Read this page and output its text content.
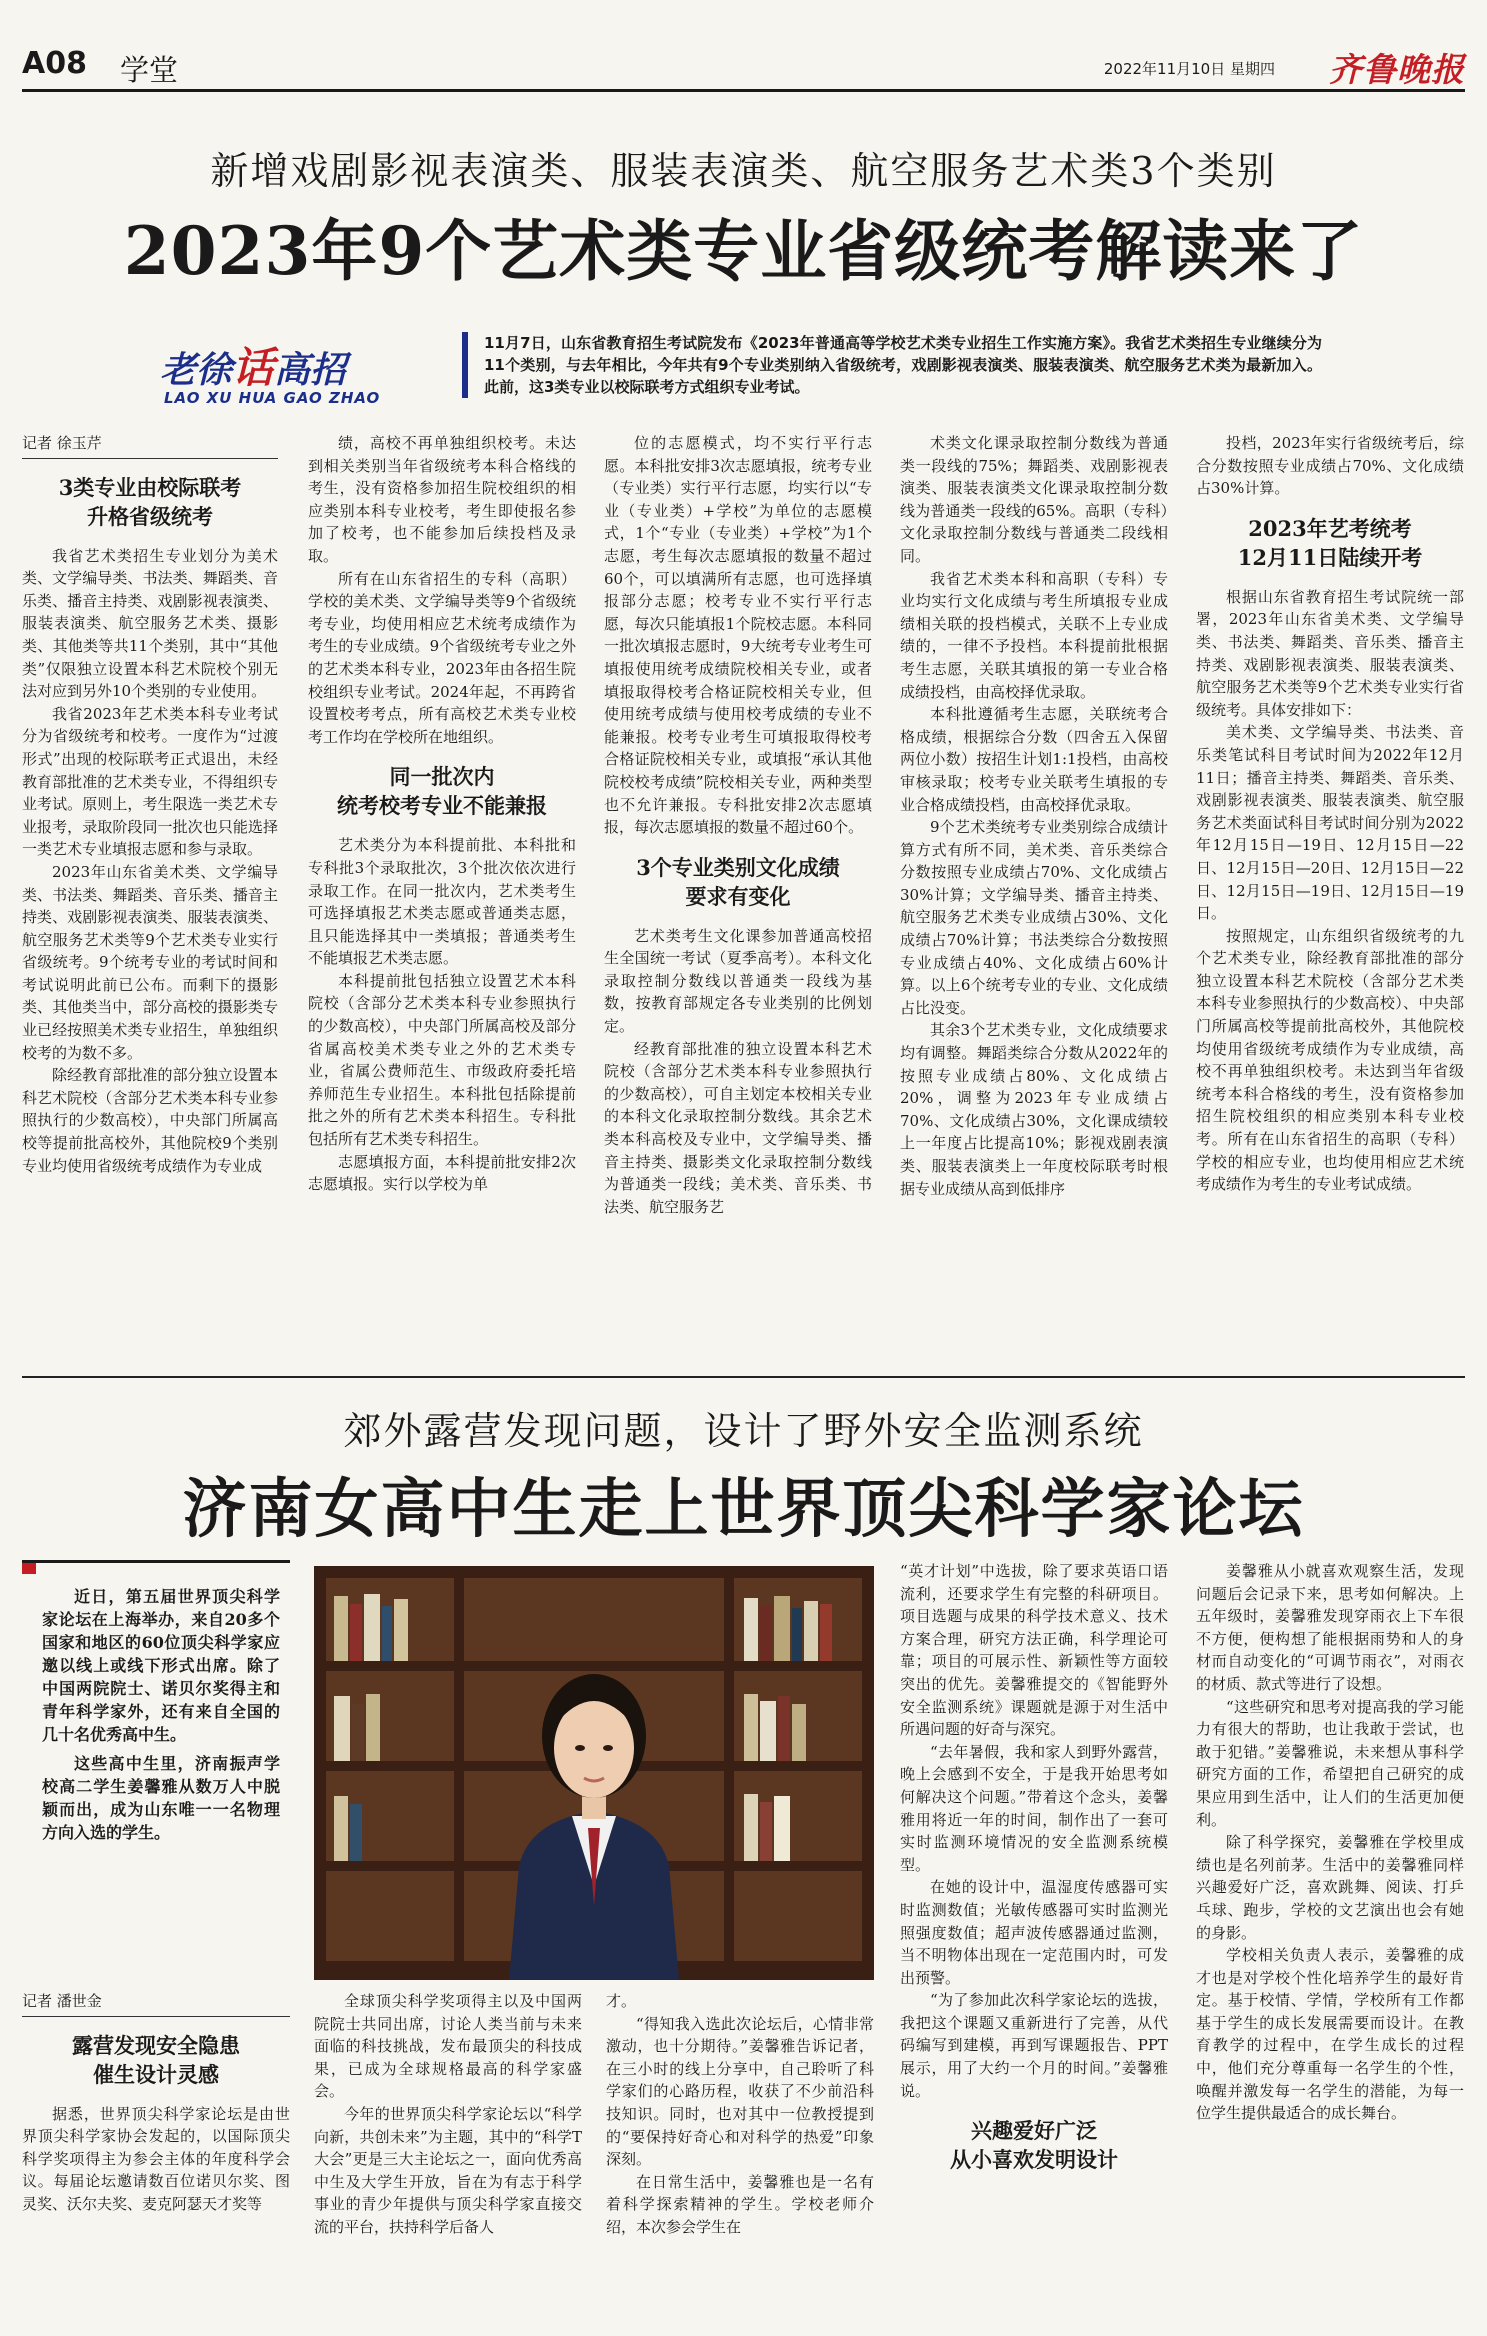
A08 学堂	2022年11月10日 星期四 齐鲁晚报
新增戏剧影视表演类、服装表演类、航空服务艺术类3个类别
2023年9个艺术类专业省级统考解读来了
老徐话高招
LAO XU HUA GAO ZHAO
11月7日，山东省教育招生考试院发布《2023年普通高等学校艺术类专业招生工作实施方案》。我省艺术类招生专业继续分为11个类别，与去年相比，今年共有9个专业类别纳入省级统考，戏剧影视表演类、服装表演类、航空服务艺术类为最新加入。此前，这3类专业以校际联考方式组织专业考试。
记者 徐玉芹
3类专业由校际联考
升格省级统考

我省艺术类招生专业划分为美术类、文学编导类、书法类、舞蹈类、音乐类、播音主持类、戏剧影视表演类、服装表演类、航空服务艺术类、摄影类、其他类等共11个类别，其中“其他类”仅限独立设置本科艺术院校个别无法对应到另外10个类别的专业使用。

我省2023年艺术类本科专业考试分为省级统考和校考。一度作为“过渡形式”出现的校际联考正式退出，未经教育部批准的艺术类专业，不得组织专业考试。原则上，考生限选一类艺术专业报考，录取阶段同一批次也只能选择一类艺术专业填报志愿和参与录取。

2023年山东省美术类、文学编导类、书法类、舞蹈类、音乐类、播音主持类、戏剧影视表演类、服装表演类、航空服务艺术类等9个艺术类专业实行省级统考。9个统考专业的考试时间和考试说明此前已公布。而剩下的摄影类、其他类当中，部分高校的摄影类专业已经按照美术类专业招生，单独组织校考的为数不多。

除经教育部批准的部分独立设置本科艺术院校（含部分艺术类本科专业参照执行的少数高校），中央部门所属高校等提前批高校外，其他院校9个类别专业均使用省级统考成绩作为专业成

绩，高校不再单独组织校考。未达到相关类别当年省级统考本科合格线的考生，没有资格参加招生院校组织的相应类别本科专业校考，考生即使报名参加了校考，也不能参加后续投档及录取。

所有在山东省招生的专科（高职）学校的美术类、文学编导类等9个省级统考专业，均使用相应艺术统考成绩作为考生的专业成绩。9个省级统考专业之外的艺术类本科专业，2023年由各招生院校组织专业考试。2024年起，不再跨省设置校考考点，所有高校艺术类专业校考工作均在学校所在地组织。

同一批次内
统考校考专业不能兼报

艺术类分为本科提前批、本科批和专科批3个录取批次，3个批次依次进行录取工作。在同一批次内，艺术类考生可选择填报艺术类志愿或普通类志愿，且只能选择其中一类填报；普通类考生不能填报艺术类志愿。

本科提前批包括独立设置艺术本科院校（含部分艺术类本科专业参照执行的少数高校），中央部门所属高校及部分省属高校美术类专业之外的艺术类专业，省属公费师范生、市级政府委托培养师范生专业招生。本科批包括除提前批之外的所有艺术类本科招生。专科批包括所有艺术类专科招生。

志愿填报方面，本科提前批安排2次志愿填报。实行以学校为单

位的志愿模式，均不实行平行志愿。本科批安排3次志愿填报，统考专业（专业类）实行平行志愿，均实行以“专业（专业类）+学校”为单位的志愿模式，1个“专业（专业类）+学校”为1个志愿，考生每次志愿填报的数量不超过60个，可以填满所有志愿，也可选择填报部分志愿；校考专业不实行平行志愿，每次只能填报1个院校志愿。本科同一批次填报志愿时，9大统考专业考生可填报使用统考成绩院校相关专业，或者填报取得校考合格证院校相关专业，但使用统考成绩与使用校考成绩的专业不能兼报。校考专业考生可填报取得校考合格证院校相关专业，或填报“承认其他院校校考成绩”院校相关专业，两种类型也不允许兼报。专科批安排2次志愿填报，每次志愿填报的数量不超过60个。

3个专业类别文化成绩
要求有变化

艺术类考生文化课参加普通高校招生全国统一考试（夏季高考）。本科文化录取控制分数线以普通类一段线为基数，按教育部规定各专业类别的比例划定。

经教育部批准的独立设置本科艺术院校（含部分艺术类本科专业参照执行的少数高校），可自主划定本校相关专业的本科文化录取控制分数线。其余艺术类本科高校及专业中，文学编导类、播音主持类、摄影类文化录取控制分数线为普通类一段线；美术类、音乐类、书法类、航空服务艺

术类文化课录取控制分数线为普通类一段线的75%；舞蹈类、戏剧影视表演类、服装表演类文化课录取控制分数线为普通类一段线的65%。高职（专科）文化录取控制分数线与普通类二段线相同。

我省艺术类本科和高职（专科）专业均实行文化成绩与考生所填报专业成绩相关联的投档模式，关联不上专业成绩的，一律不予投档。本科提前批根据考生志愿，关联其填报的第一专业合格成绩投档，由高校择优录取。

本科批遵循考生志愿，关联统考合格成绩，根据综合分数（四舍五入保留两位小数）按招生计划1:1投档，由高校审核录取；校考专业关联考生填报的专业合格成绩投档，由高校择优录取。

9个艺术类统考专业类别综合成绩计算方式有所不同，美术类、音乐类综合分数按照专业成绩占70%、文化成绩占30%计算；文学编导类、播音主持类、航空服务艺术类专业成绩占30%、文化成绩占70%计算；书法类综合分数按照专业成绩占40%、文化成绩占60%计算。以上6个统考专业的专业、文化成绩占比没变。

其余3个艺术类专业，文化成绩要求均有调整。舞蹈类综合分数从2022年的按照专业成绩占80%、文化成绩占20%，调整为2023年专业成绩占70%、文化成绩占30%，文化课成绩较上一年度占比提高10%；影视戏剧表演类、服装表演类上一年度校际联考时根据专业成绩从高到低排序

投档，2023年实行省级统考后，综合分数按照专业成绩占70%、文化成绩占30%计算。

2023年艺考统考
12月11日陆续开考

根据山东省教育招生考试院统一部署，2023年山东省美术类、文学编导类、书法类、舞蹈类、音乐类、播音主持类、戏剧影视表演类、服装表演类、航空服务艺术类等9个艺术类专业实行省级统考。具体安排如下：

美术类、文学编导类、书法类、音乐类笔试科目考试时间为2022年12月11日；播音主持类、舞蹈类、音乐类、戏剧影视表演类、服装表演类、航空服务艺术类面试科目考试时间分别为2022年12月15日—19日、12月15日—22日、12月15日—20日、12月15日—22日、12月15日—19日、12月15日—19日。

按照规定，山东组织省级统考的九个艺术类专业，除经教育部批准的部分独立设置本科艺术院校（含部分艺术类本科专业参照执行的少数高校）、中央部门所属高校等提前批高校外，其他院校均使用省级统考成绩作为专业成绩，高校不再单独组织校考。未达到当年省级统考本科合格线的考生，没有资格参加招生院校组织的相应类别本科专业校考。所有在山东省招生的高职（专科）学校的相应专业，也均使用相应艺术统考成绩作为考生的专业考试成绩。

郊外露营发现问题，设计了野外安全监测系统
济南女高中生走上世界顶尖科学家论坛

近日，第五届世界顶尖科学家论坛在上海举办，来自20多个国家和地区的60位顶尖科学家应邀以线上或线下形式出席。除了中国两院院士、诺贝尔奖得主和青年科学家外，还有来自全国的几十名优秀高中生。

这些高中生里，济南振声学校高二学生姜馨雅从数万人中脱颖而出，成为山东唯一一名物理方向入选的学生。

记者 潘世金
露营发现安全隐患
催生设计灵感

据悉，世界顶尖科学家论坛是由世界顶尖科学家协会发起的，以国际顶尖科学奖项得主为参会主体的年度科学会议。每届论坛邀请数百位诺贝尔奖、图灵奖、沃尔夫奖、麦克阿瑟天才奖等

全球顶尖科学奖项得主以及中国两院院士共同出席，讨论人类当前与未来面临的科技挑战，发布最顶尖的科技成果，已成为全球规格最高的科学家盛会。

今年的世界顶尖科学家论坛以“科学向新，共创未来”为主题，其中的“科学T大会”更是三大主论坛之一，面向优秀高中生及大学生开放，旨在为有志于科学事业的青少年提供与顶尖科学家直接交流的平台，扶持科学后备人

才。

“得知我入选此次论坛后，心情非常激动，也十分期待。”姜馨雅告诉记者，在三小时的线上分享中，自己聆听了科学家们的心路历程，收获了不少前沿科技知识。同时，也对其中一位教授提到的“要保持好奇心和对科学的热爱”印象深刻。

在日常生活中，姜馨雅也是一名有着科学探索精神的学生。学校老师介绍，本次参会学生在

“英才计划”中选拔，除了要求英语口语流利，还要求学生有完整的科研项目。项目选题与成果的科学技术意义、技术方案合理，研究方法正确，科学理论可靠；项目的可展示性、新颖性等方面较突出的优先。姜馨雅提交的《智能野外安全监测系统》课题就是源于对生活中所遇问题的好奇与深究。

“去年暑假，我和家人到野外露营，晚上会感到不安全，于是我开始思考如何解决这个问题。”带着这个念头，姜馨雅用将近一年的时间，制作出了一套可实时监测环境情况的安全监测系统模型。

在她的设计中，温湿度传感器可实时监测数值；光敏传感器可实时监测光照强度数值；超声波传感器通过监测，当不明物体出现在一定范围内时，可发出预警。

“为了参加此次科学家论坛的选拔，我把这个课题又重新进行了完善，从代码编写到建模，再到写课题报告、PPT展示，用了大约一个月的时间。”姜馨雅说。

兴趣爱好广泛
从小喜欢发明设计

姜馨雅从小就喜欢观察生活，发现问题后会记录下来，思考如何解决。上五年级时，姜馨雅发现穿雨衣上下车很不方便，便构想了能根据雨势和人的身材而自动变化的“可调节雨衣”，对雨衣的材质、款式等进行了设想。

“这些研究和思考对提高我的学习能力有很大的帮助，也让我敢于尝试，也敢于犯错。”姜馨雅说，未来想从事科学研究方面的工作，希望把自己研究的成果应用到生活中，让人们的生活更加便利。

除了科学探究，姜馨雅在学校里成绩也是名列前茅。生活中的姜馨雅同样兴趣爱好广泛，喜欢跳舞、阅读、打乒乓球、跑步，学校的文艺演出也会有她的身影。

学校相关负责人表示，姜馨雅的成才也是对学校个性化培养学生的最好肯定。基于校情、学情，学校所有工作都基于学生的成长发展需要而设计。在教育教学的过程中，在学生成长的过程中，他们充分尊重每一名学生的个性，唤醒并激发每一名学生的潜能，为每一位学生提供最适合的成长舞台。
